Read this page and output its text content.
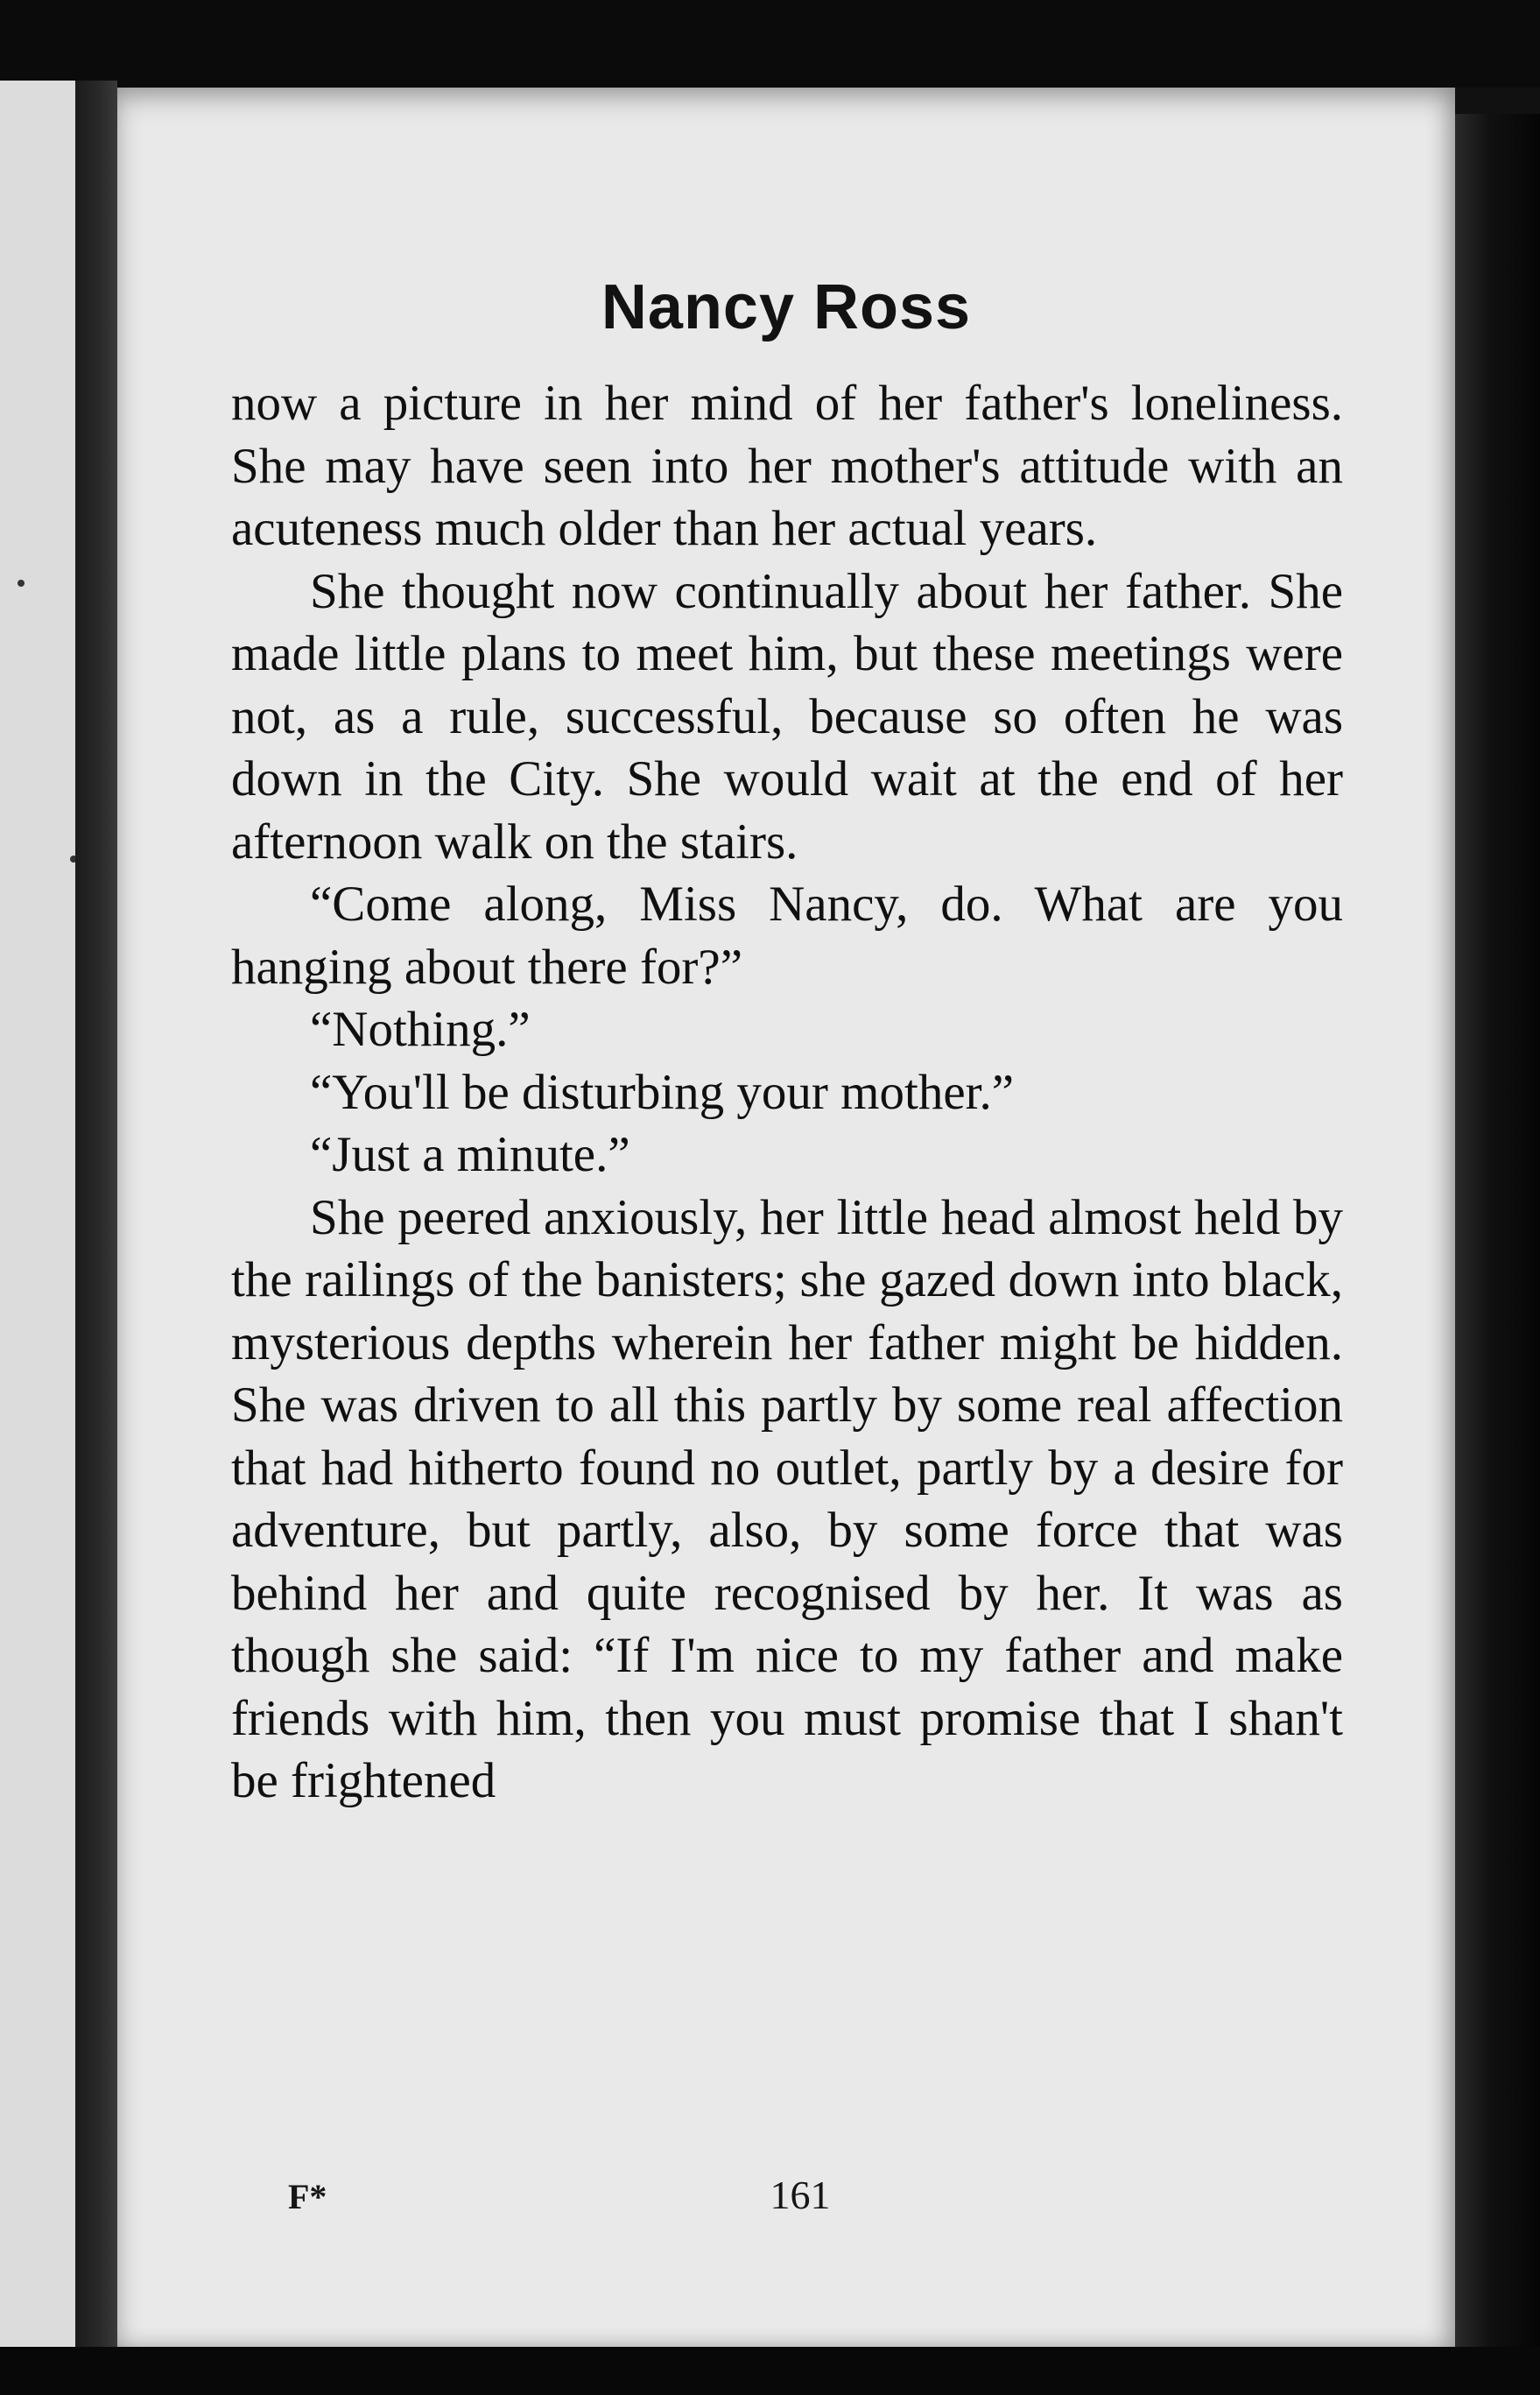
Nancy Ross

now a picture in her mind of her father's loneliness. She may have seen into her mother's attitude with an acuteness much older than her actual years.

She thought now continually about her father. She made little plans to meet him, but these meetings were not, as a rule, successful, because so often he was down in the City. She would wait at the end of her afternoon walk on the stairs.

“Come along, Miss Nancy, do. What are you hanging about there for?”

“Nothing.”

“You'll be disturbing your mother.”

“Just a minute.”

She peered anxiously, her little head almost held by the railings of the banisters; she gazed down into black, mysterious depths wherein her father might be hidden. She was driven to all this partly by some real affection that had hitherto found no outlet, partly by a desire for adventure, but partly, also, by some force that was behind her and quite recognised by her. It was as though she said: “If I'm nice to my father and make friends with him, then you must promise that I shan't be frightened

F*	161
